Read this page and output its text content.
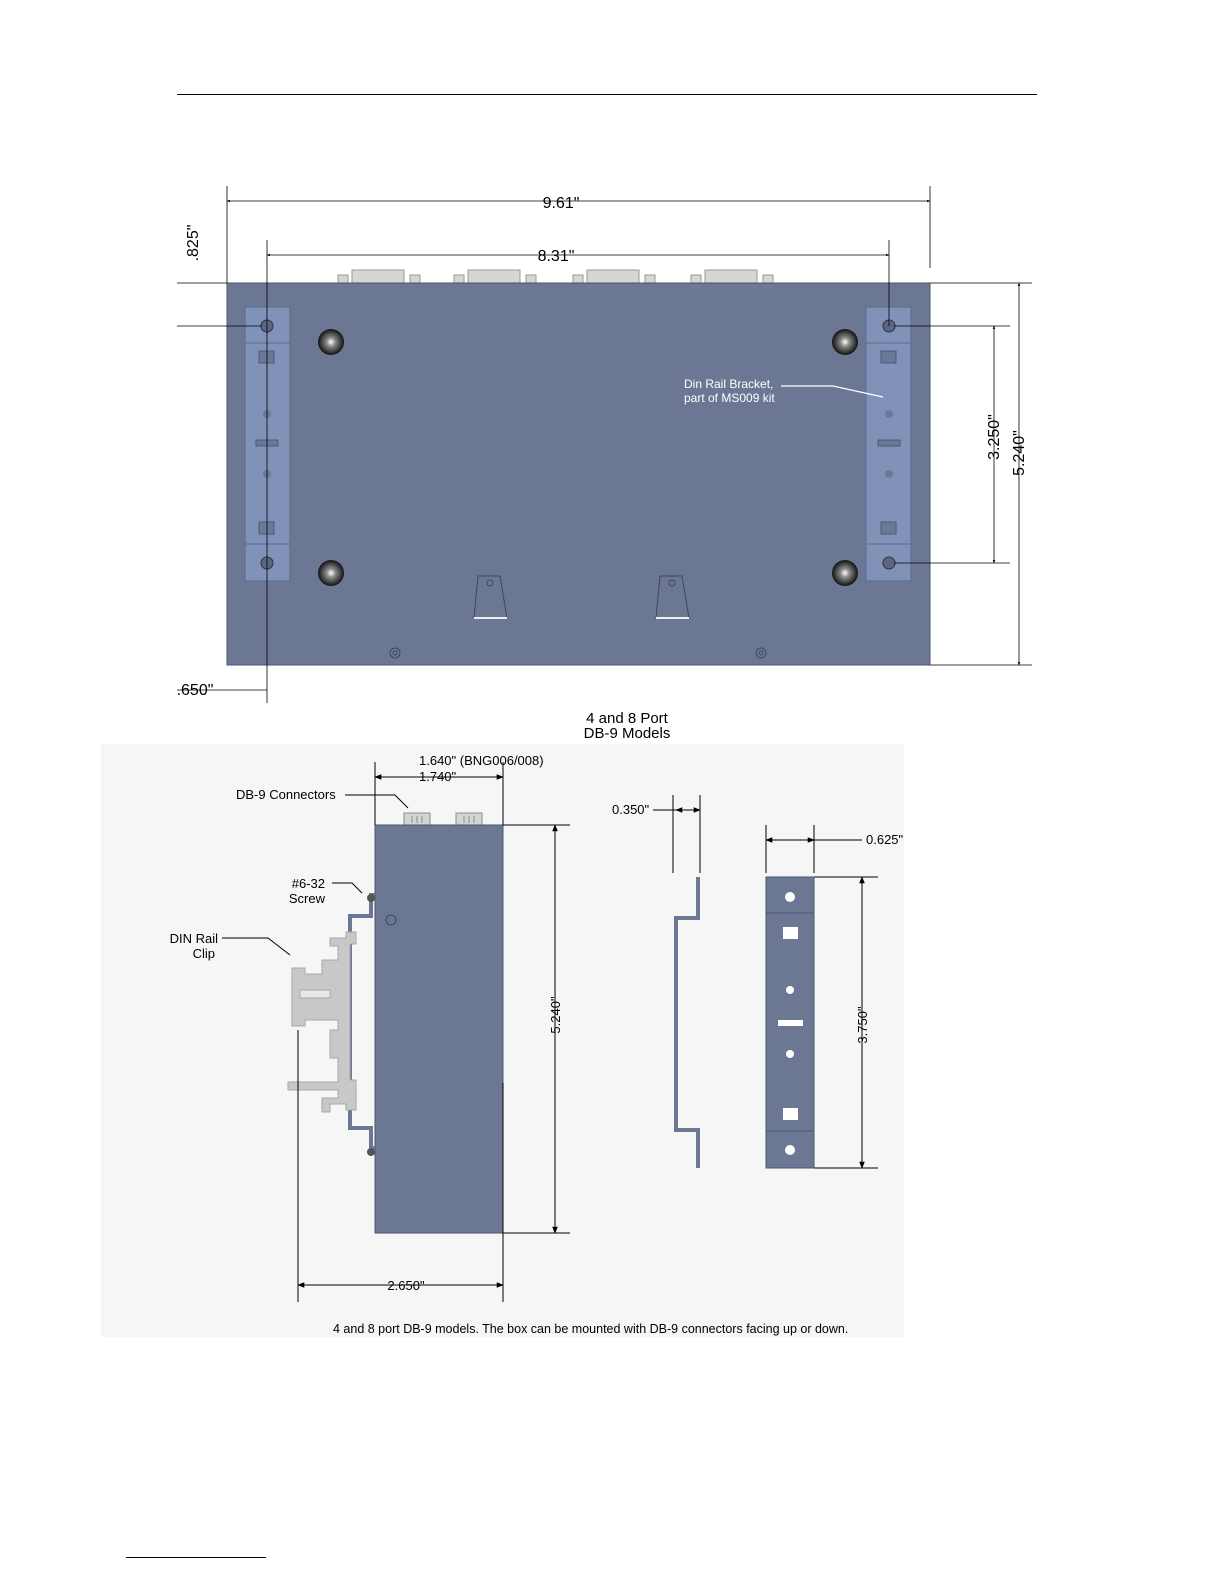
9.61"
8.31"
.825"
.650"
3.250" 5.240"
Din Rail Bracket,
part of MS009 kit
4 and 8 Port
DB-9 Models
1.640" (BNG006/008)
1.740"
DB-9 Connectors
#6-32
Screw
DIN Rail
Clip
5.240"
2.650"
0.350"
0.625"
3.750"
4 and 8 port DB-9 models. The box can be mounted with DB-9 connectors facing up or down.
